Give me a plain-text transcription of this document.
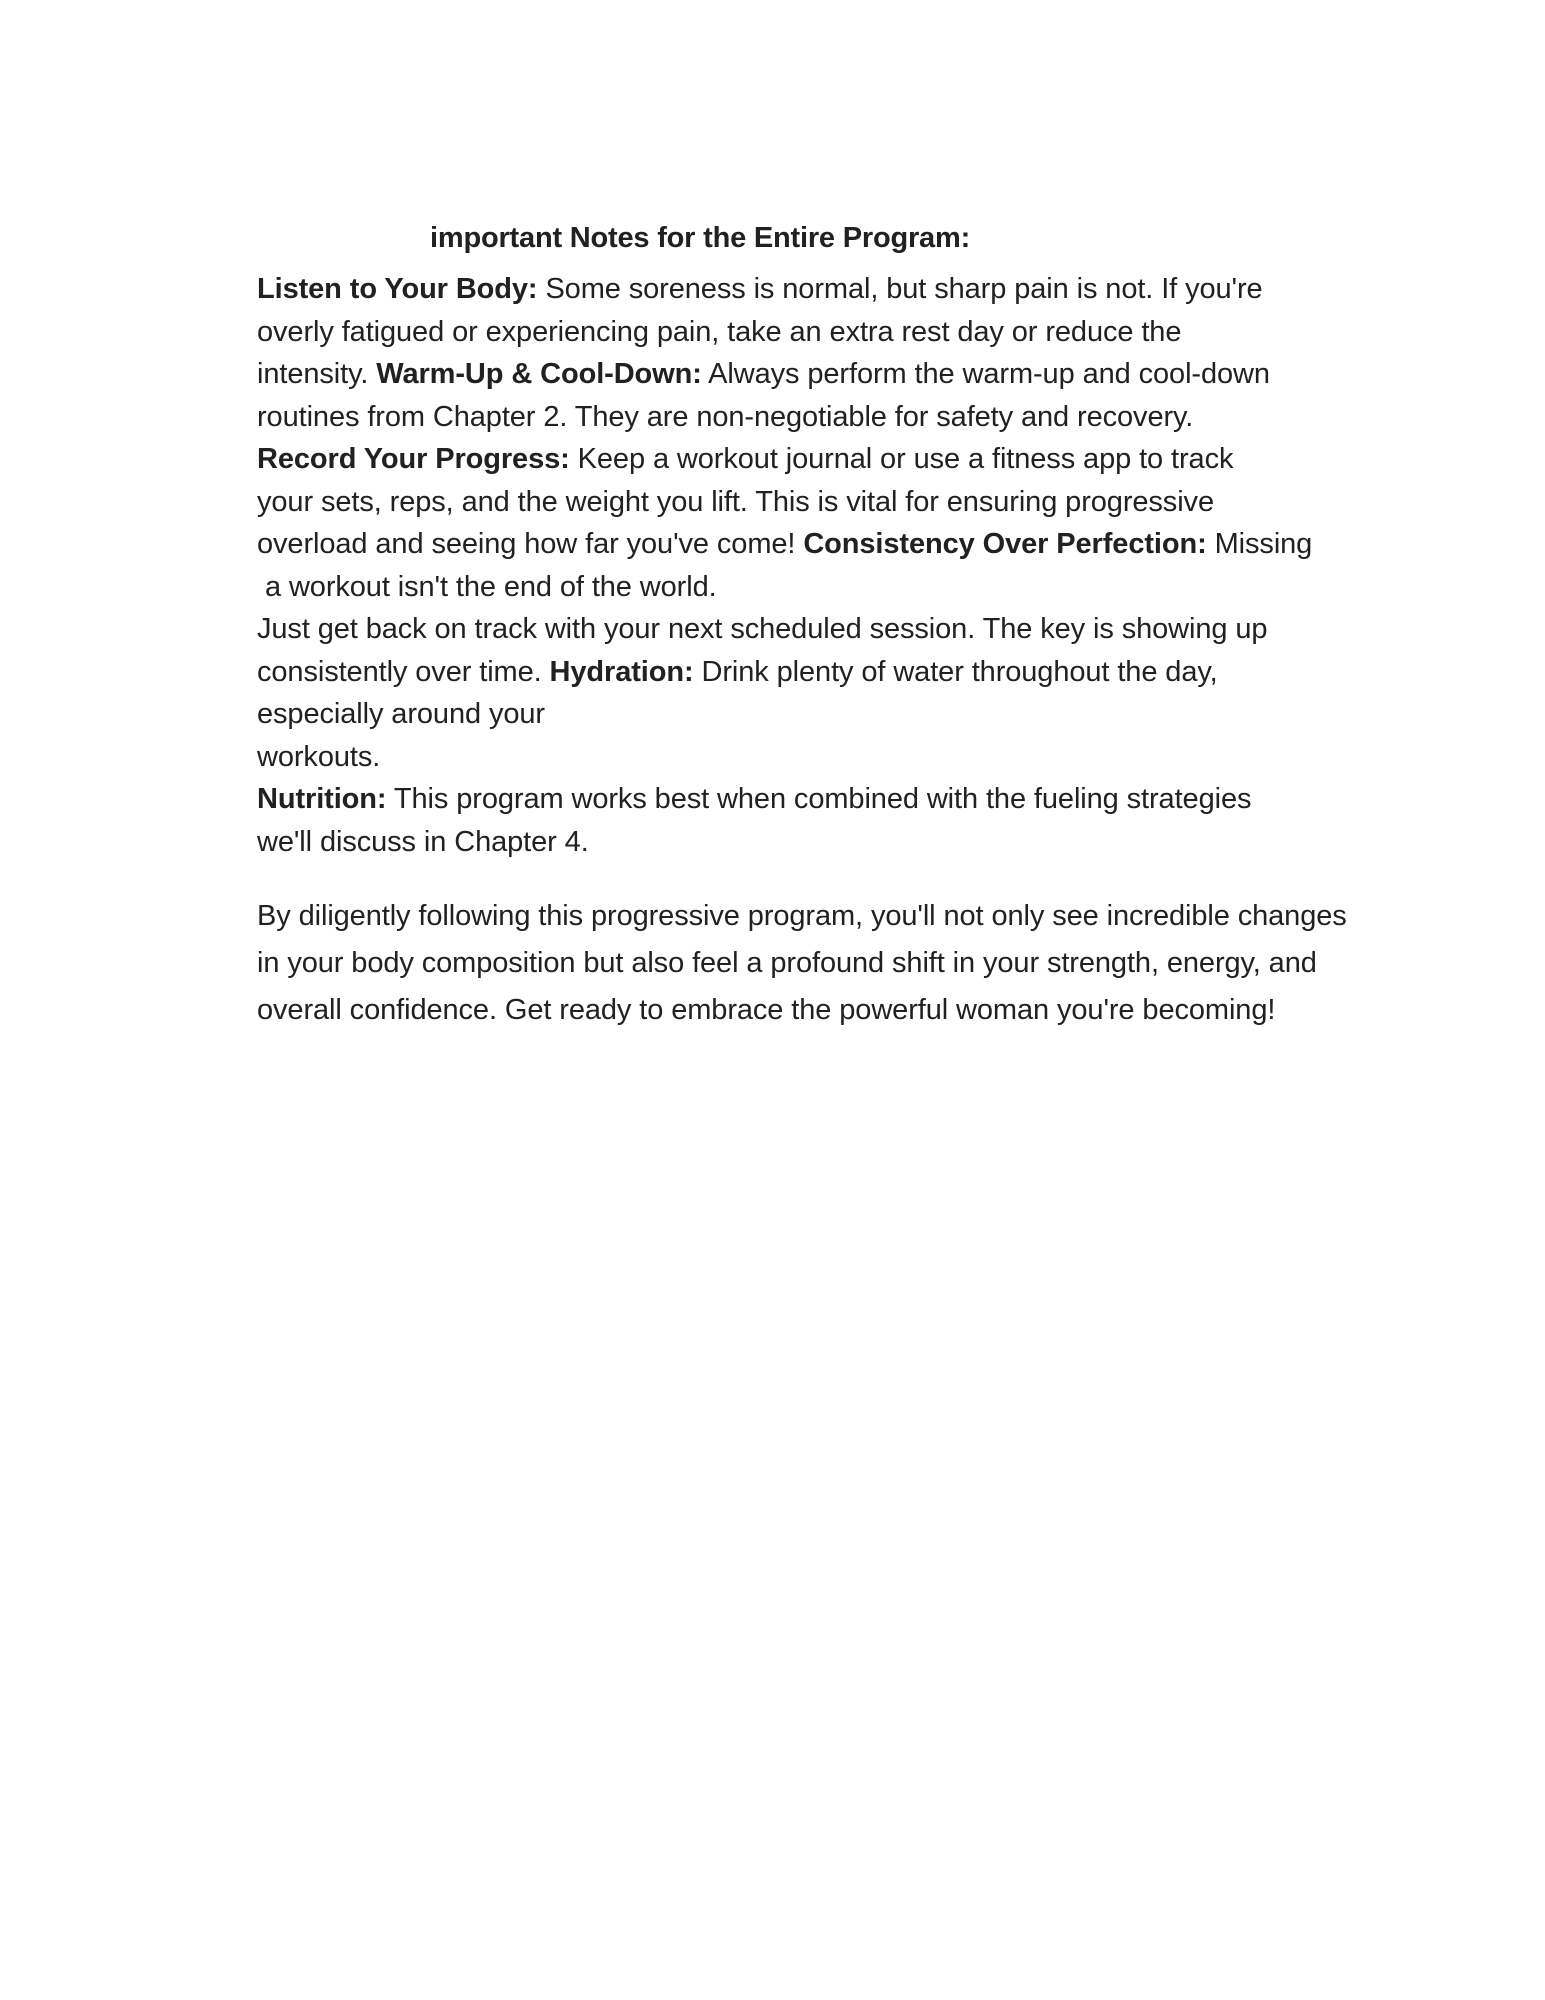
important Notes for the Entire Program:
Listen to Your Body: Some soreness is normal, but sharp pain is not. If you're
overly fatigued or experiencing pain, take an extra rest day or reduce the
intensity. Warm-Up & Cool-Down: Always perform the warm-up and cool-down
routines from Chapter 2. They are non-negotiable for safety and recovery.
Record Your Progress: Keep a workout journal or use a fitness app to track
your sets, reps, and the weight you lift. This is vital for ensuring progressive
overload and seeing how far you've come! Consistency Over Perfection: Missing
a workout isn't the end of the world.
Just get back on track with your next scheduled session. The key is showing up
consistently over time. Hydration: Drink plenty of water throughout the day,
especially around your
workouts.
Nutrition: This program works best when combined with the fueling strategies
we'll discuss in Chapter 4.
By diligently following this progressive program, you'll not only see incredible changes
in your body composition but also feel a profound shift in your strength, energy, and
overall confidence. Get ready to embrace the powerful woman you're becoming!
